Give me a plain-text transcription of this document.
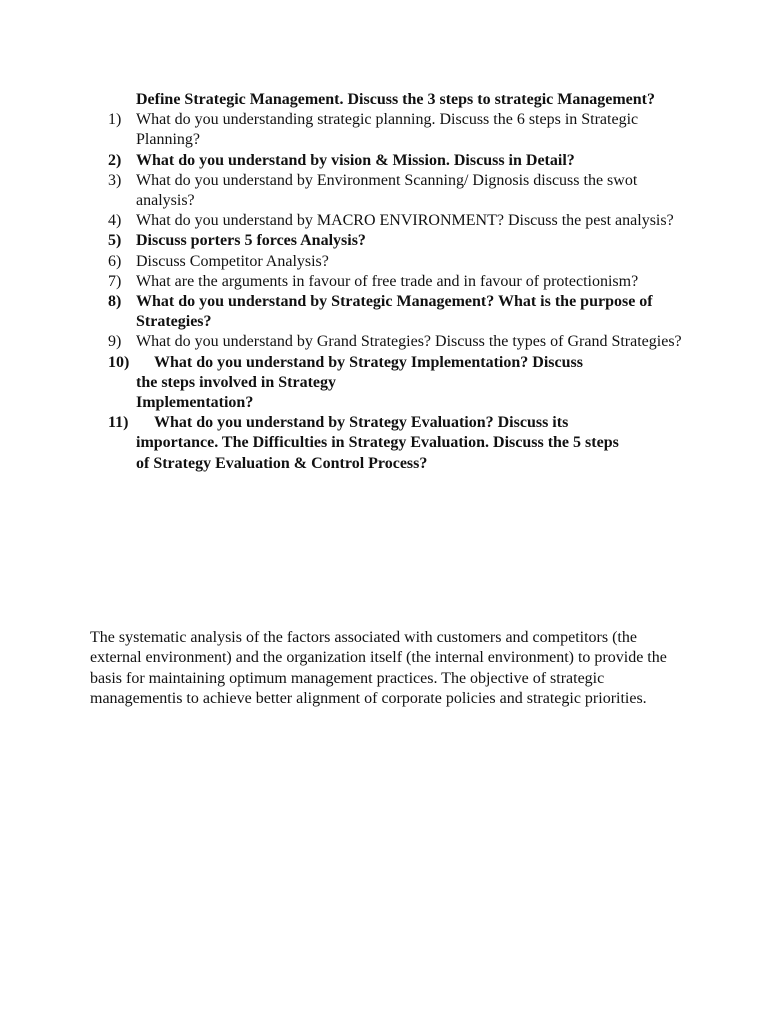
Define Strategic Management. Discuss the 3 steps to strategic Management?
1) What do you understanding strategic planning. Discuss the 6 steps in Strategic Planning?
2) What do you understand by vision & Mission. Discuss in Detail?
3) What do you understand by Environment Scanning/ Dignosis discuss the swot analysis?
4) What do you understand by MACRO ENVIRONMENT? Discuss the pest analysis?
5) Discuss porters 5 forces Analysis?
6) Discuss Competitor Analysis?
7) What are the arguments in favour of free trade and in favour of protectionism?
8) What do you understand by Strategic Management? What is the purpose of Strategies?
9) What do you understand by Grand Strategies? Discuss the types of Grand Strategies?
10)	What do you understand by Strategy Implementation? Discuss
the steps involved in Strategy
Implementation?
11)	What do you understand by Strategy Evaluation? Discuss its
importance. The Difficulties in Strategy Evaluation. Discuss the 5 steps
of Strategy Evaluation & Control Process?

The systematic analysis of the factors associated with customers and competitors (the external environment) and the organization itself (the internal environment) to provide the basis for maintaining optimum management practices. The objective of strategic managementis to achieve better alignment of corporate policies and strategic priorities.
